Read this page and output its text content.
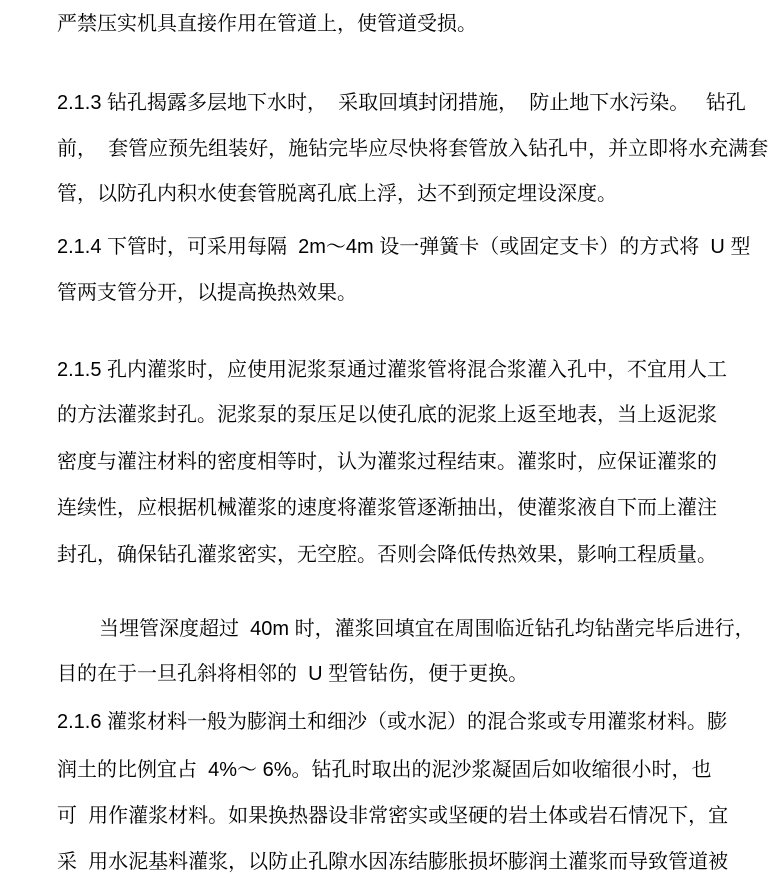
严禁压实机具直接作用在管道上，使管道受损。
2.1.3 钻孔揭露多层地下水时，  采取回填封闭措施，  防止地下水污染。   钻孔
前，  套管应预先组装好，施钻完毕应尽快将套管放入钻孔中，并立即将水充满套
管，以防孔内积水使套管脱离孔底上浮，达不到预定埋设深度。
2.1.4 下管时，可采用每隔  2m～4m 设一弹簧卡（或固定支卡）的方式将  U 型
管两支管分开，以提高换热效果。
2.1.5 孔内灌浆时，应使用泥浆泵通过灌浆管将混合浆灌入孔中，不宜用人工
的方法灌浆封孔。泥浆泵的泵压足以使孔底的泥浆上返至地表，当上返泥浆
密度与灌注材料的密度相等时，认为灌浆过程结束。灌浆时，应保证灌浆的
连续性，应根据机械灌浆的速度将灌浆管逐渐抽出，使灌浆液自下而上灌注
封孔，确保钻孔灌浆密实，无空腔。否则会降低传热效果，影响工程质量。
当埋管深度超过  40m 时，灌浆回填宜在周围临近钻孔均钻凿完毕后进行，
目的在于一旦孔斜将相邻的  U 型管钻伤，便于更换。
2.1.6 灌浆材料一般为膨润土和细沙（或水泥）的混合浆或专用灌浆材料。膨
润土的比例宜占  4%～ 6%。钻孔时取出的泥沙浆凝固后如收缩很小时，也
可  用作灌浆材料。如果换热器设非常密实或坚硬的岩土体或岩石情况下，宜
采  用水泥基料灌浆，以防止孔隙水因冻结膨胀损坏膨润土灌浆而导致管道被
